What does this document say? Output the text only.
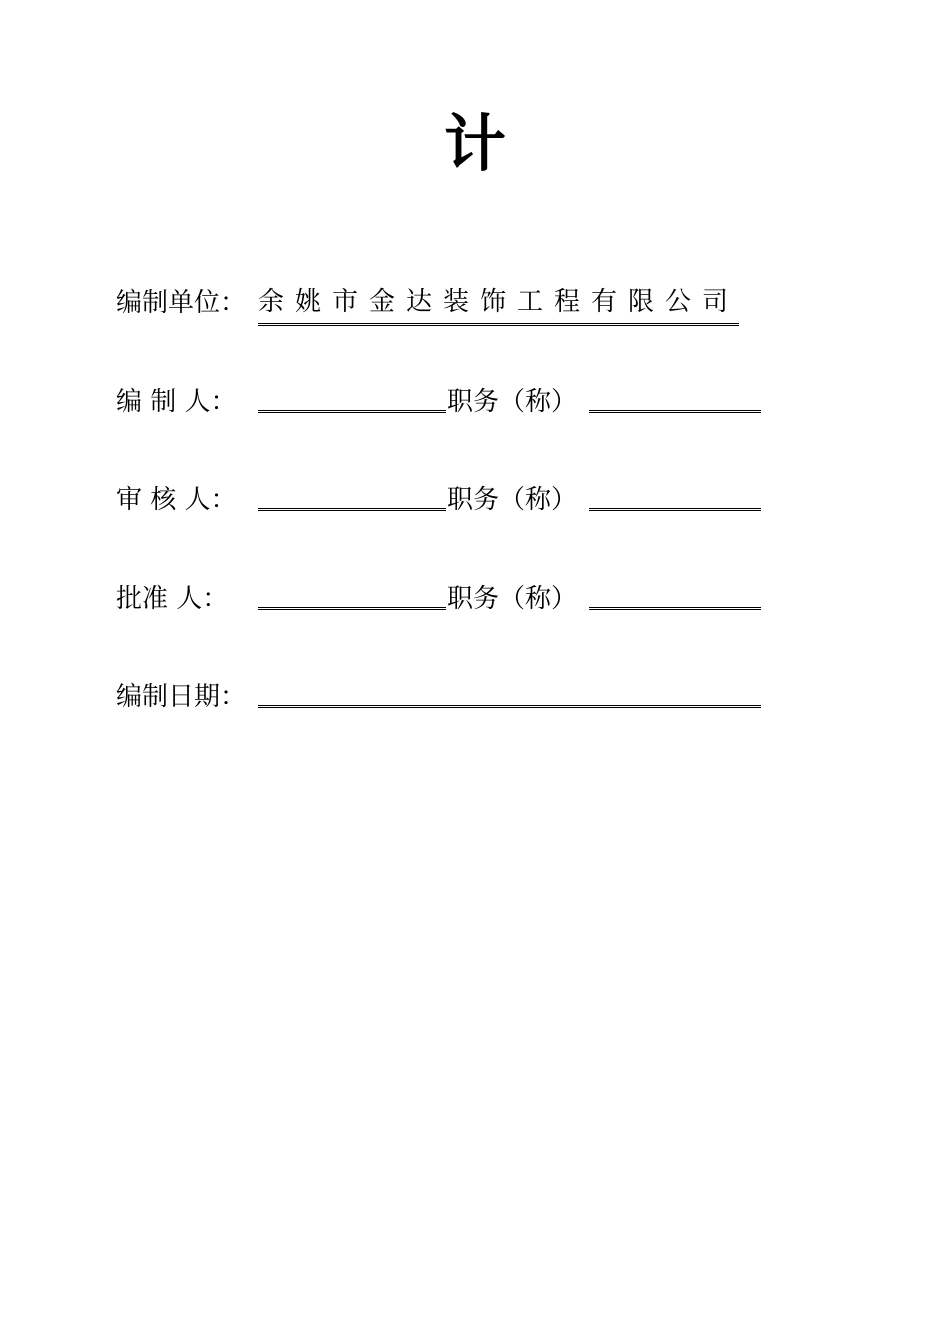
计
编制单位： 余姚市金达装饰工程有限公司
编 制 人：	职务（称）
审 核 人：	职务（称）
批准 人：	职务（称）
编制日期：
